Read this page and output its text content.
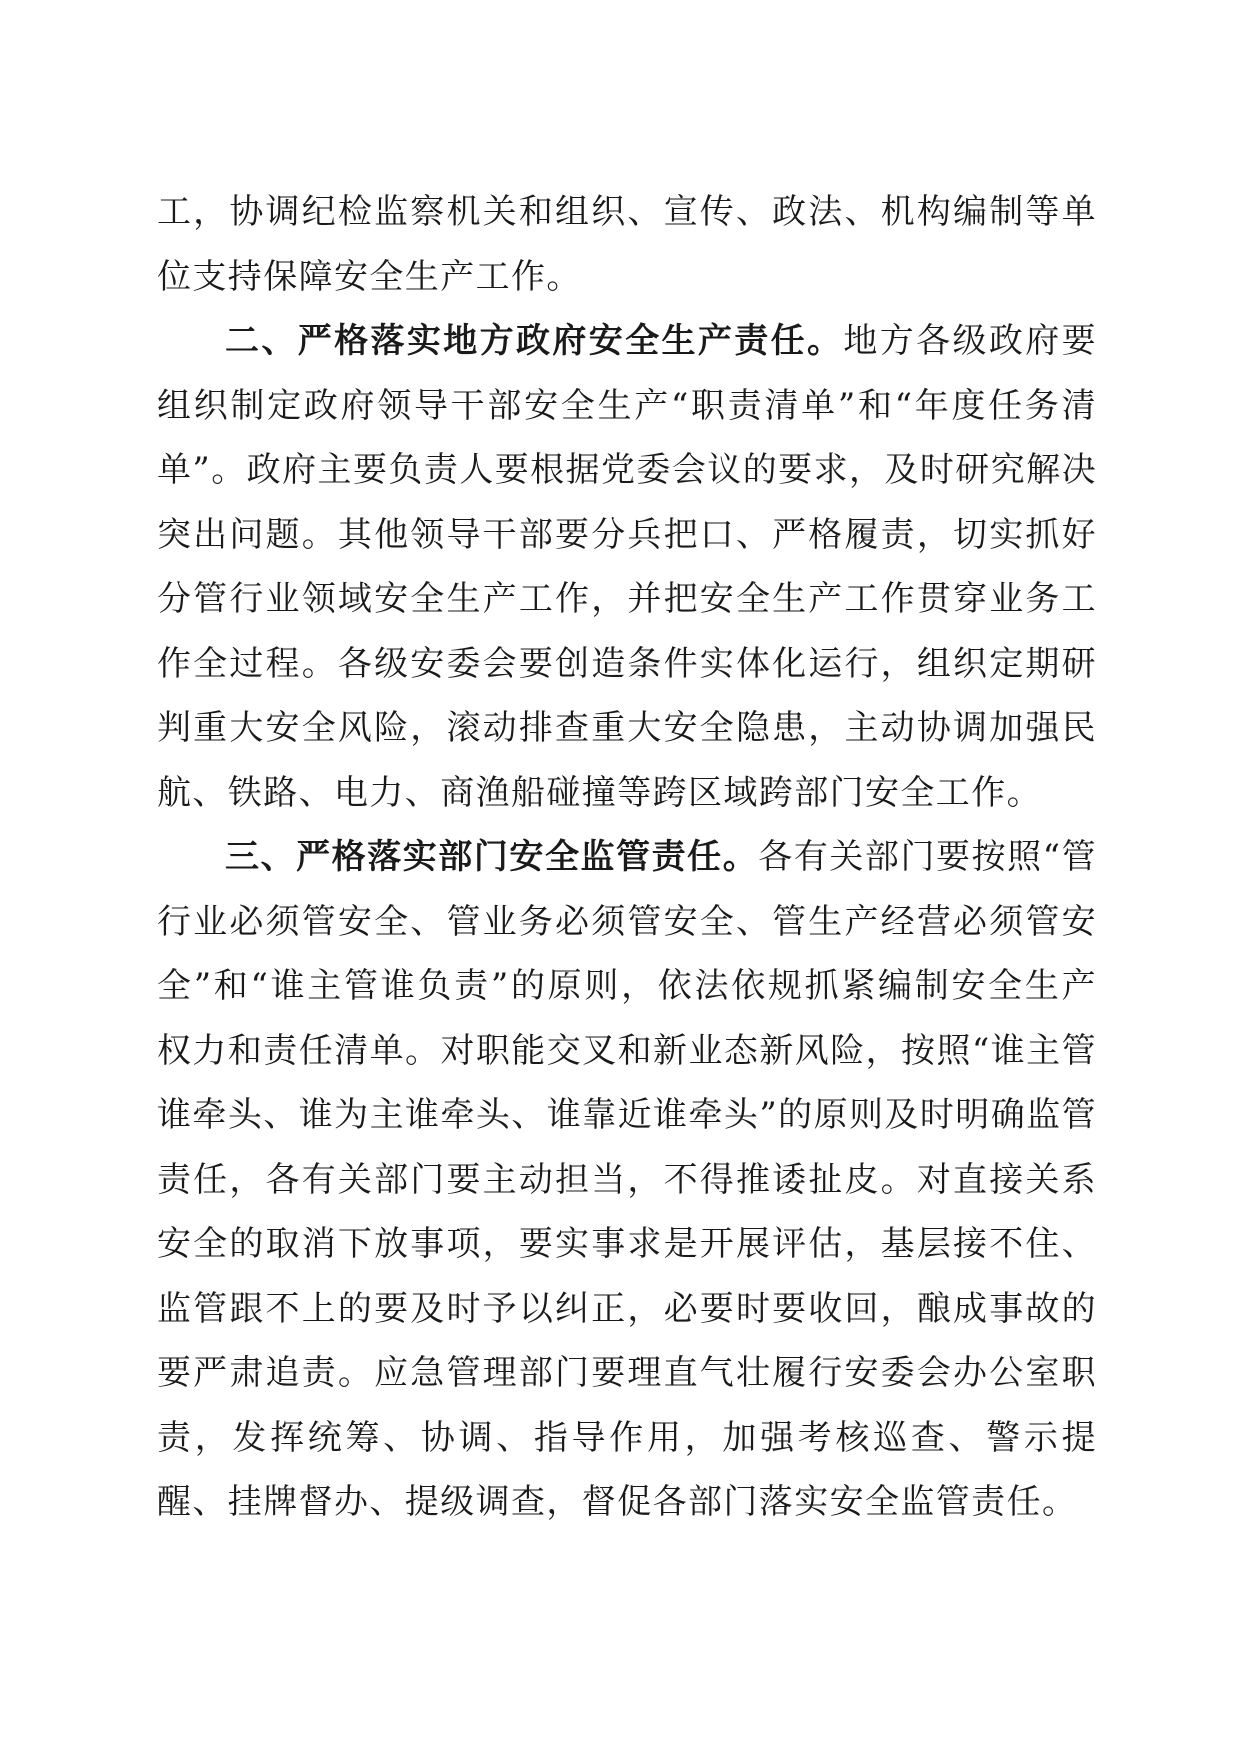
工，协调纪检监察机关和组织、宣传、政法、机构编制等单位支持保障安全生产工作。

二、严格落实地方政府安全生产责任。地方各级政府要组织制定政府领导干部安全生产“职责清单”和“年度任务清单”。政府主要负责人要根据党委会议的要求，及时研究解决突出问题。其他领导干部要分兵把口、严格履责，切实抓好分管行业领域安全生产工作，并把安全生产工作贯穿业务工作全过程。各级安委会要创造条件实体化运行，组织定期研判重大安全风险，滚动排查重大安全隐患，主动协调加强民航、铁路、电力、商渔船碰撞等跨区域跨部门安全工作。

三、严格落实部门安全监管责任。各有关部门要按照“管行业必须管安全、管业务必须管安全、管生产经营必须管安全”和“谁主管谁负责”的原则，依法依规抓紧编制安全生产权力和责任清单。对职能交叉和新业态新风险，按照“谁主管谁牵头、谁为主谁牵头、谁靠近谁牵头”的原则及时明确监管责任，各有关部门要主动担当，不得推诿扯皮。对直接关系安全的取消下放事项，要实事求是开展评估，基层接不住、监管跟不上的要及时予以纠正，必要时要收回，酿成事故的要严肃追责。应急管理部门要理直气壮履行安委会办公室职责，发挥统筹、协调、指导作用，加强考核巡查、警示提醒、挂牌督办、提级调查，督促各部门落实安全监管责任。
